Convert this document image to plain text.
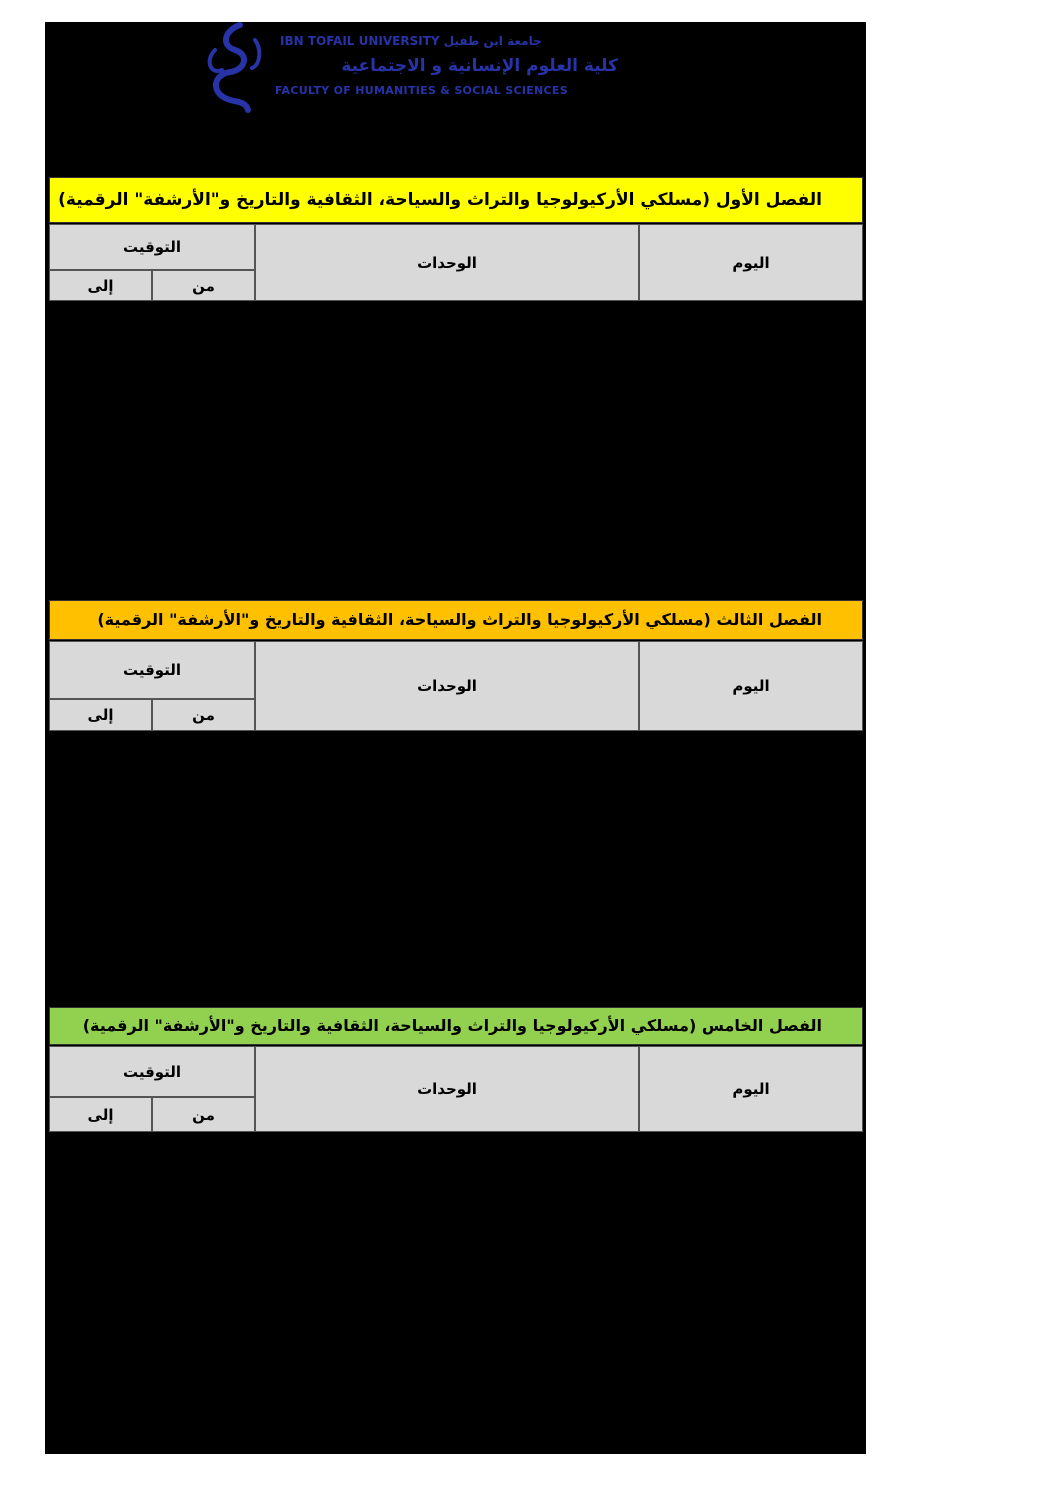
IBN TOFAIL UNIVERSITY جامعة ابن طفيل
كلية العلوم الإنسانية و الاجتماعية
FACULTY OF HUMANITIES & SOCIAL SCIENCES
الفصل الأول (مسلكي الأركيولوجيا والتراث والسياحة، الثقافية والتاريخ و"الأرشفة" الرقمية)
اليوم
الوحدات
التوقيت
من
إلى
الفصل الثالث (مسلكي الأركيولوجيا والتراث والسياحة، الثقافية والتاريخ و"الأرشفة" الرقمية)
اليوم
الوحدات
التوقيت
من
إلى
الفصل الخامس (مسلكي الأركيولوجيا والتراث والسياحة، الثقافية والتاريخ و"الأرشفة" الرقمية)
اليوم
الوحدات
التوقيت
من
إلى
